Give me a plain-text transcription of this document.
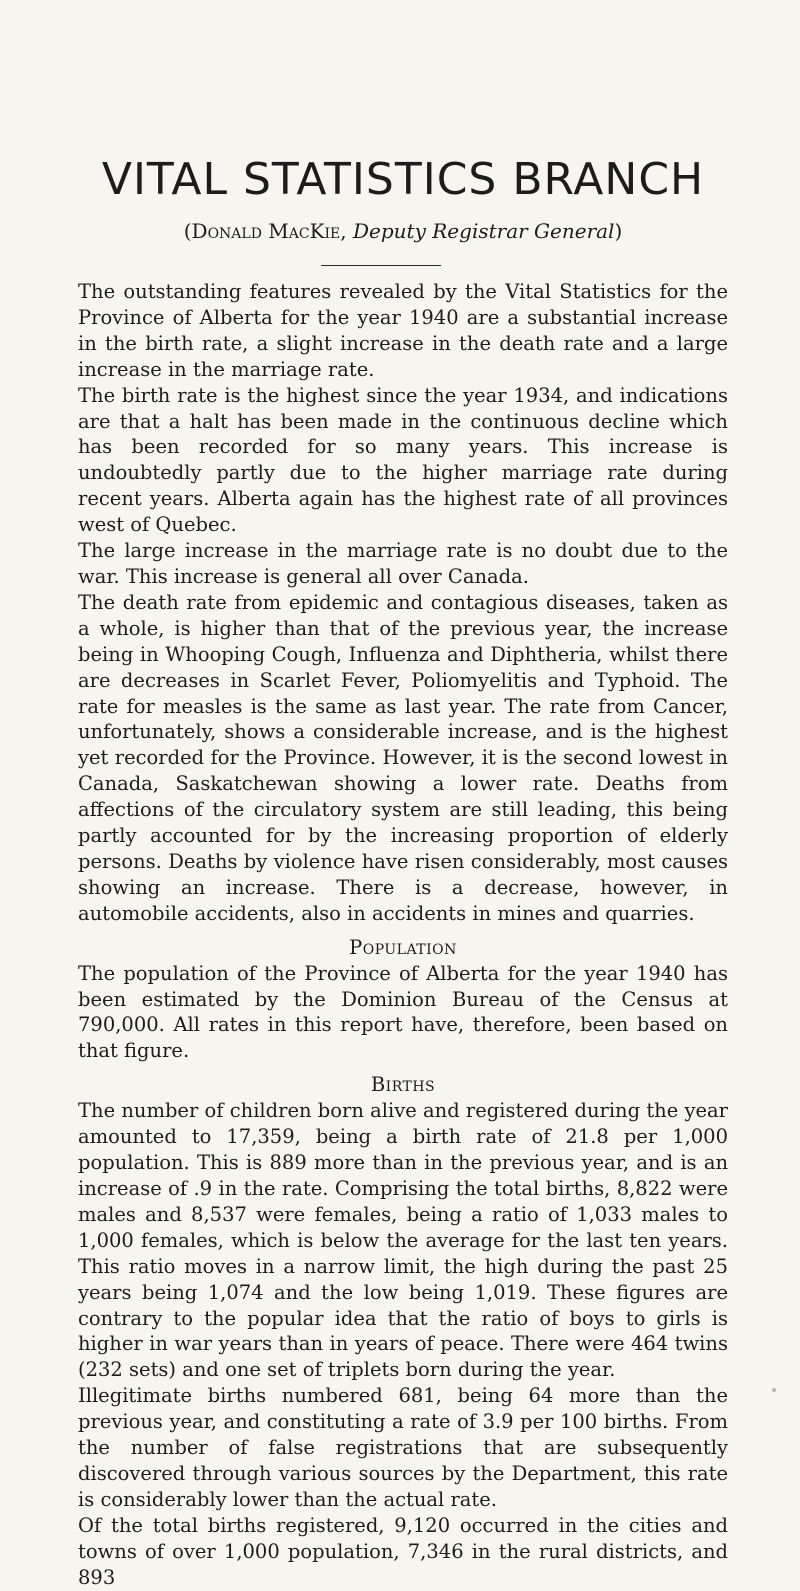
VITAL STATISTICS BRANCH

(Donald MacKie, Deputy Registrar General)

The outstanding features revealed by the Vital Statistics for the Province of Alberta for the year 1940 are a substantial increase in the birth rate, a slight increase in the death rate and a large increase in the marriage rate.

The birth rate is the highest since the year 1934, and indications are that a halt has been made in the continuous decline which has been recorded for so many years. This increase is undoubtedly partly due to the higher marriage rate during recent years. Alberta again has the highest rate of all provinces west of Quebec.

The large increase in the marriage rate is no doubt due to the war. This increase is general all over Canada.

The death rate from epidemic and contagious diseases, taken as a whole, is higher than that of the previous year, the increase being in Whooping Cough, Influenza and Diphtheria, whilst there are decreases in Scarlet Fever, Poliomyelitis and Typhoid. The rate for measles is the same as last year. The rate from Cancer, unfortunately, shows a considerable increase, and is the highest yet recorded for the Province. However, it is the second lowest in Canada, Saskatchewan showing a lower rate. Deaths from affections of the circulatory system are still leading, this being partly accounted for by the increasing proportion of elderly persons. Deaths by violence have risen considerably, most causes showing an increase. There is a decrease, however, in automobile accidents, also in accidents in mines and quarries.

Population

The population of the Province of Alberta for the year 1940 has been estimated by the Dominion Bureau of the Census at 790,000. All rates in this report have, therefore, been based on that figure.

Births

The number of children born alive and registered during the year amounted to 17,359, being a birth rate of 21.8 per 1,000 population. This is 889 more than in the previous year, and is an increase of .9 in the rate. Comprising the total births, 8,822 were males and 8,537 were females, being a ratio of 1,033 males to 1,000 females, which is below the average for the last ten years. This ratio moves in a narrow limit, the high during the past 25 years being 1,074 and the low being 1,019. These figures are contrary to the popular idea that the ratio of boys to girls is higher in war years than in years of peace. There were 464 twins (232 sets) and one set of triplets born during the year.

Illegitimate births numbered 681, being 64 more than the previous year, and constituting a rate of 3.9 per 100 births. From the number of false registrations that are subsequently discovered through various sources by the Department, this rate is considerably lower than the actual rate.

Of the total births registered, 9,120 occurred in the cities and towns of over 1,000 population, 7,346 in the rural districts, and 893
